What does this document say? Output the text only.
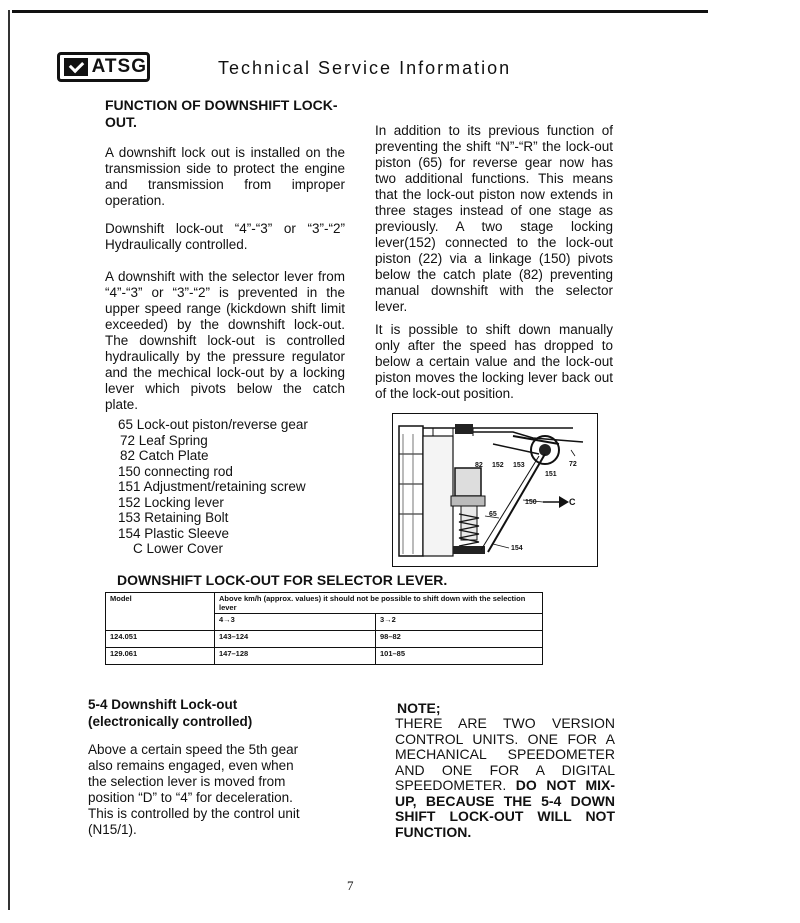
ATSG	Technical Service Information
FUNCTION OF DOWNSHIFT LOCK-OUT.
A downshift lock out is installed on the transmission side to protect the engine and transmission from improper operation.
Downshift lock-out “4”-“3” or “3”-“2” Hydraulically controlled.
A downshift with the selector lever from “4”-“3” or “3”-“2” is prevented in the upper speed range (kickdown shift limit exceeded) by the downshift lock-out. The downshift lock-out is controlled hydraulically by the pressure regulator and the mechical lock-out by a locking lever which pivots below the catch plate.
In addition to its previous function of preventing the shift “N”-“R” the lock-out piston (65) for reverse gear now has two additional functions. This means that the lock-out piston now extends in three stages instead of one stage as previously. A two stage locking lever(152) connected to the lock-out piston (22) via a linkage (150) pivots below the catch plate (82) preventing manual downshift with the selector lever.
It is possible to shift down manually only after the speed has dropped to below a certain value and the lock-out piston moves the locking lever back out of the lock-out position.
65 Lock-out piston/reverse gear
72 Leaf Spring
82 Catch Plate
150 connecting rod
151 Adjustment/retaining screw
152 Locking lever
153 Retaining Bolt
154 Plastic Sleeve
C Lower Cover
82 152 153
151
72
150
65
154
C
DOWNSHIFT LOCK-OUT FOR SELECTOR LEVER.
Model	Above km/h (approx. values) it should not be possible to shift down with the selection lever	
	4→3	3→2
124.051	143–124	98–82
129.061	147–128	101–85
5-4 Downshift Lock-out
(electronically controlled)
Above a certain speed the 5th gear also remains engaged, even when the selection lever is moved from position “D” to “4” for deceleration. This is controlled by the control unit (N15/1).
NOTE;
THERE ARE TWO VERSION CONTROL UNITS. ONE FOR A MECHANICAL SPEEDOMETER AND ONE FOR A DIGITAL SPEEDOMETER. DO NOT MIX-UP, BECAUSE THE 5-4 DOWN SHIFT LOCK-OUT WILL NOT FUNCTION.
7
